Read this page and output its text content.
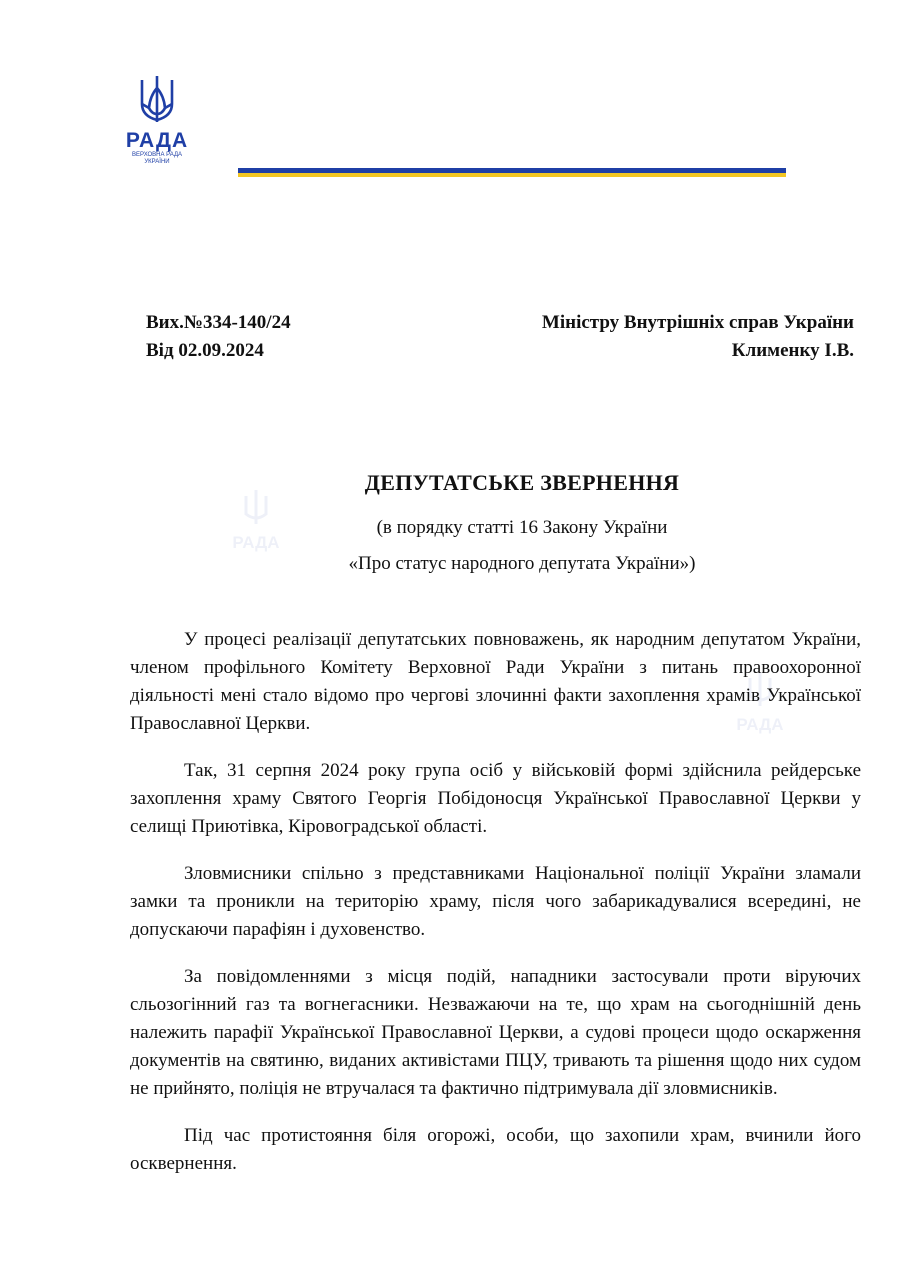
РАДА
РАДА
РАДА
ВЕРХОВНА РАДА
УКРАЇНИ
Вих.№334-140/24
Від 02.09.2024
Міністру Внутрішніх справ України
Клименку І.В.
ДЕПУТАТСЬКЕ ЗВЕРНЕННЯ
(в порядку статті 16 Закону України
«Про статус народного депутата України»)

У процесі реалізації депутатських повноважень, як народним депутатом України, членом профільного Комітету Верховної Ради України з питань правоохоронної діяльності мені стало відомо про чергові злочинні факти захоплення храмів Української Православної Церкви.

Так, 31 серпня 2024 року група осіб у військовій формі здійснила рейдерське захоплення храму Святого Георгія Побідоносця Української Православної Церкви у селищі Приютівка, Кіровоградської області.

Зловмисники спільно з представниками Національної поліції України зламали замки та проникли на територію храму, після чого забарикадувалися всередині, не допускаючи парафіян і духовенство.

За повідомленнями з місця подій, нападники застосували проти віруючих сльозогінний газ та вогнегасники. Незважаючи на те, що храм на сьогоднішній день належить парафії Української Православної Церкви, а судові процеси щодо оскарження документів на святиню, виданих активістами ПЦУ, тривають та рішення щодо них судом не прийнято, поліція не втручалася та фактично підтримувала дії зловмисників.

Під час протистояння біля огорожі, особи, що захопили храм, вчинили його осквернення.
